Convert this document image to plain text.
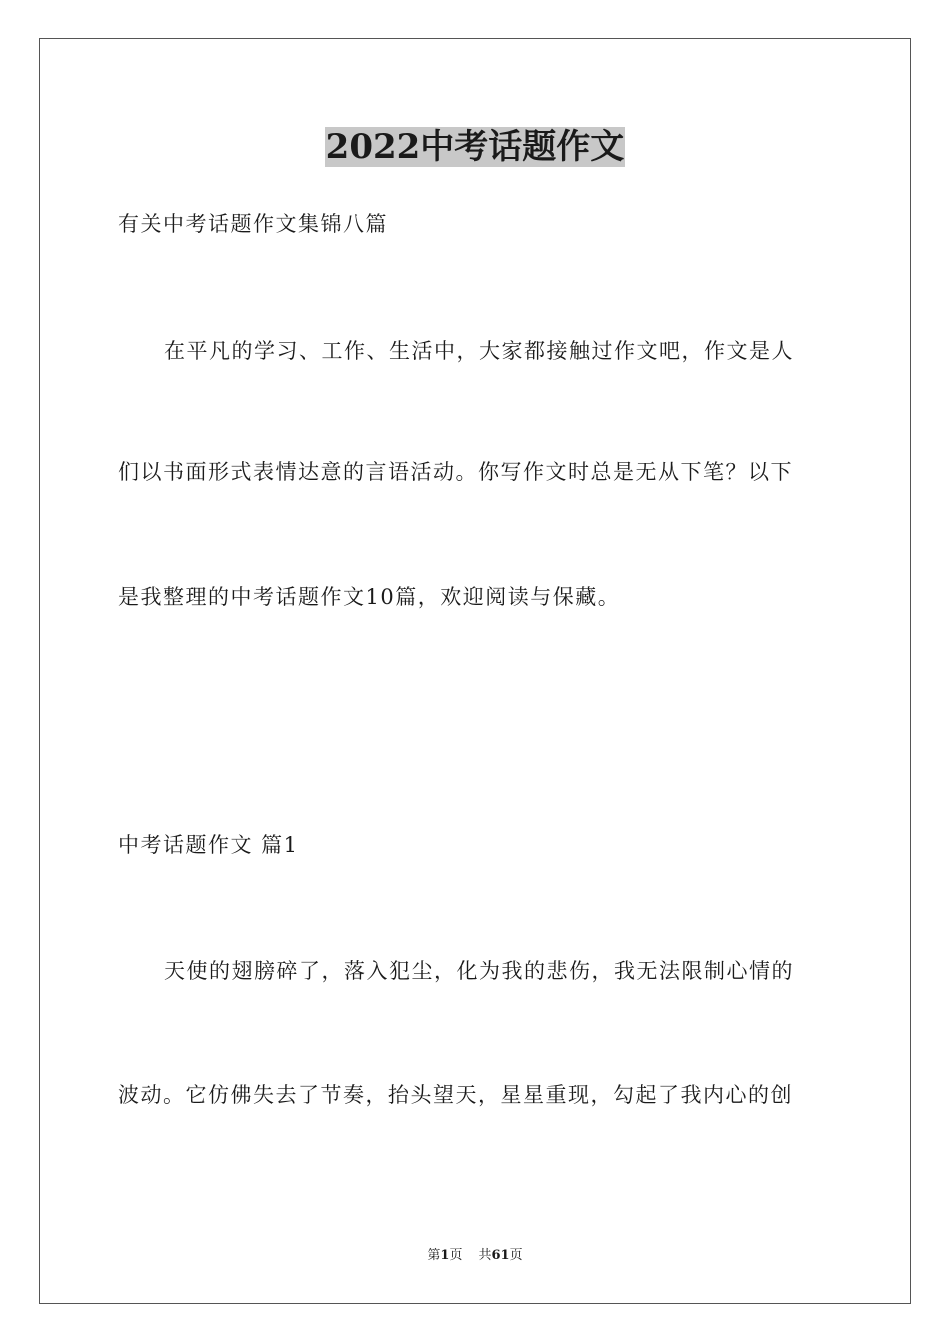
2022中考话题作文
有关中考话题作文集锦八篇
在平凡的学习、工作、生活中，大家都接触过作文吧，作文是人
们以书面形式表情达意的言语活动。你写作文时总是无从下笔？以下
是我整理的中考话题作文10篇，欢迎阅读与保藏。
中考话题作文 篇1
天使的翅膀碎了，落入犯尘，化为我的悲伤，我无法限制心情的
波动。它仿佛失去了节奏，抬头望天，星星重现，勾起了我内心的创
第1页 共61页
